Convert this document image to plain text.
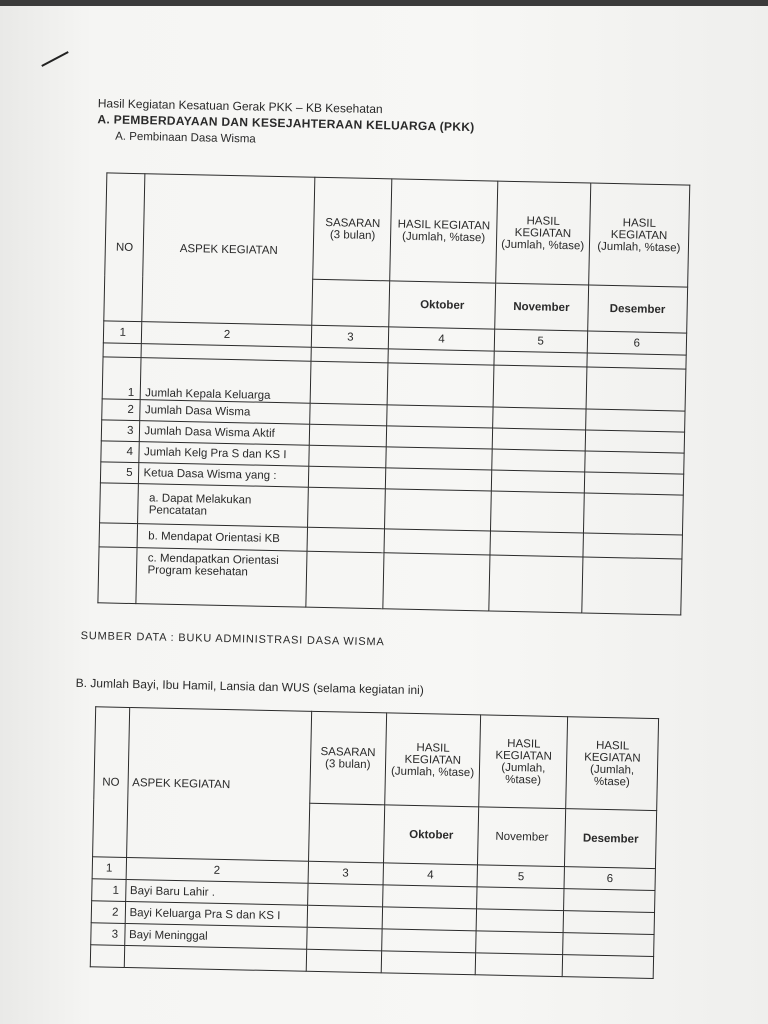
Hasil Kegiatan Kesatuan Gerak PKK – KB Kesehatan
A. PEMBERDAYAAN DAN KESEJAHTERAAN KELUARGA (PKK)
A. Pembinaan Dasa Wisma
NO	ASPEK KEGIATAN	SASARAN (3 bulan)	HASIL KEGIATAN (Jumlah, %tase)	HASIL KEGIATAN (Jumlah, %tase)	HASIL KEGIATAN (Jumlah, %tase)
			Oktober	November	Desember
1	2	3	4	5	6

1	Jumlah Kepala Keluarga				
2	Jumlah Dasa Wisma				
3	Jumlah Dasa Wisma Aktif				
4	Jumlah Kelg Pra S dan KS I				
5	Ketua Dasa Wisma yang :				
	a. Dapat Melakukan Pencatatan				
	b. Mendapat Orientasi KB				
	c. Mendapatkan Orientasi Program kesehatan				
SUMBER DATA : BUKU ADMINISTRASI DASA WISMA
B. Jumlah Bayi, Ibu Hamil, Lansia dan WUS (selama kegiatan ini)
NO	ASPEK KEGIATAN	SASARAN (3 bulan)	HASIL KEGIATAN (Jumlah, %tase)	HASIL KEGIATAN (Jumlah, %tase)	HASIL KEGIATAN (Jumlah, %tase)
			Oktober	November	Desember
1	2	3	4	5	6
1	Bayi Baru Lahir .				
2	Bayi Keluarga Pra S dan KS I				
3	Bayi Meninggal				
